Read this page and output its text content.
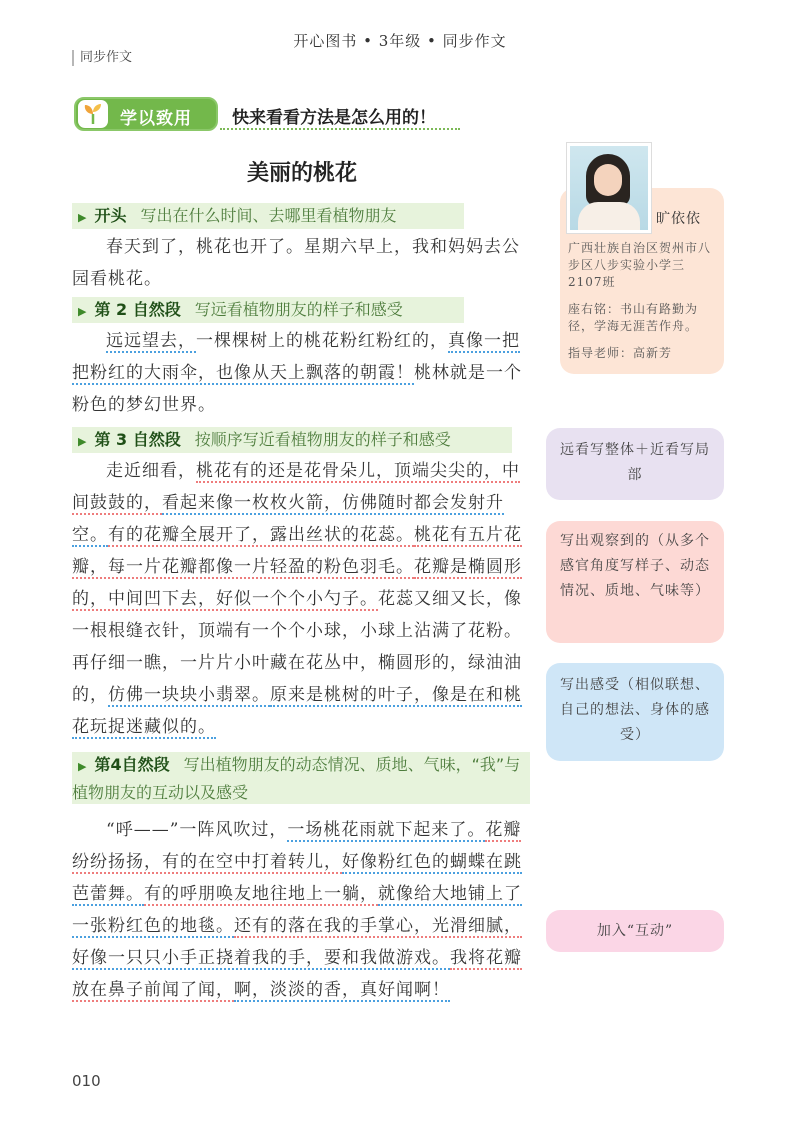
开心图书 • 3年级 • 同步作文
同步作文
学以致用 快来看看方法是怎么用的！
美丽的桃花
▶ 开头 写出在什么时间、去哪里看植物朋友
春天到了，桃花也开了。星期六早上，我和妈妈去公园看桃花。
▶ 第 2 自然段 写远看植物朋友的样子和感受
远远望去，一棵棵树上的桃花粉红粉红的，真像一把把粉红的大雨伞，也像从天上飘落的朝霞！桃林就是一个粉色的梦幻世界。
▶ 第 3 自然段 按顺序写近看植物朋友的样子和感受
走近细看，桃花有的还是花骨朵儿，顶端尖尖的，中间鼓鼓的，看起来像一枚枚火箭，仿佛随时都会发射升空。有的花瓣全展开了，露出丝状的花蕊。桃花有五片花瓣，每一片花瓣都像一片轻盈的粉色羽毛。花瓣是椭圆形的，中间凹下去，好似一个个小勺子。花蕊又细又长，像一根根缝衣针，顶端有一个个小球，小球上沾满了花粉。再仔细一瞧，一片片小叶藏在花丛中，椭圆形的，绿油油的，仿佛一块块小翡翠。原来是桃树的叶子，像是在和桃花玩捉迷藏似的。
▶ 第4自然段 写出植物朋友的动态情况、质地、气味，“我”与植物朋友的互动以及感受
“呼——”一阵风吹过，一场桃花雨就下起来了。花瓣纷纷扬扬，有的在空中打着转儿，好像粉红色的蝴蝶在跳芭蕾舞。有的呼朋唤友地往地上一躺，就像给大地铺上了一张粉红色的地毯。还有的落在我的手掌心，光滑细腻，好像一只只小手正挠着我的手，要和我做游戏。我将花瓣放在鼻子前闻了闻，啊，淡淡的香，真好闻啊！
旷依依
广西壮族自治区贺州市八步区八步实验小学三2107班
座右铭：书山有路勤为径，学海无涯苦作舟。
指导老师：高新芳
远看写整体＋近看写局部
写出观察到的（从多个感官角度写样子、动态情况、质地、气味等）
写出感受（相似联想、自己的想法、身体的感受）
加入“互动”
010
